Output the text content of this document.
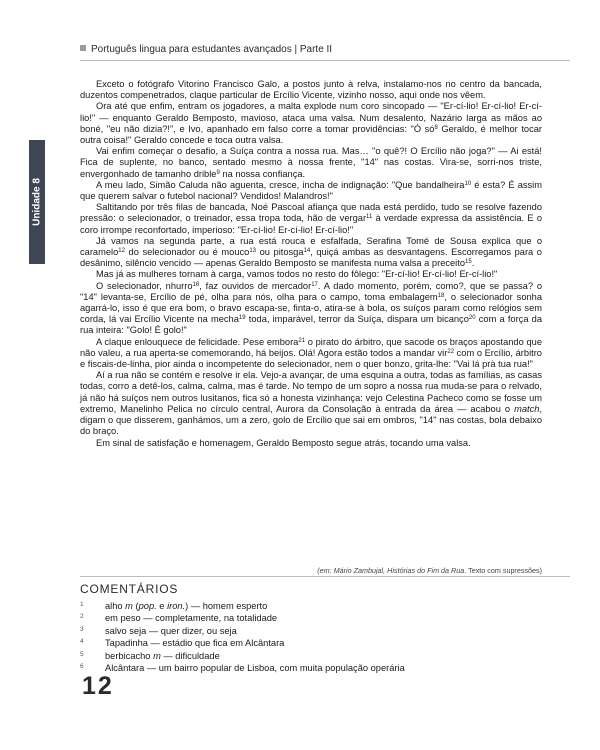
Português lingua para estudantes avançados | Parte II
Unidade 8

Exceto o fotógrafo Vitorino Francisco Galo, a postos junto à relva, instalamo-nos no centro da bancada, duzentos compenetrados, claque particular de Ercílio Vicente, vizinho nosso, aqui onde nos vêem.

Ora até que enfim, entram os jogadores, a malta explode num coro sincopado — "Er-cí-lio! Er-cí-lio! Er-cí-lio!" — enquanto Geraldo Bemposto, mavioso, ataca uma valsa. Num desalento, Nazário larga as mãos ao boné, "eu não dizia?!", e Ivo, apanhado em falso corre a tomar providências: "Ó $só^8$ Geraldo, é melhor tocar outra coisa!" Geraldo concede e toca outra valsa.

Vai enfim começar o desafio, a Suíça contra a nossa rua. Mas… "o quê?! O Ercílio não joga?" — Ai está! Fica de suplente, no banco, sentado mesmo à nossa frente, "14" nas costas. Vira-se, sorri-nos triste, envergonhado de tamanho drible$^9$ na nossa confiança.

A meu lado, Simão Caluda não aguenta, cresce, incha de indignação: "Que bandalheira$^{10}$ é esta? É assim que querem salvar o futebol nacional? Vendidos! Malandros!"

Saltitando por três filas de bancada, Noé Pascoal afiança que nada está perdido, tudo se resolve fazendo pressão: o selecionador, o treinador, essa tropa toda, hão de vergar$^{11}$ à verdade expressa da assistência. E o coro irrompe reconfortado, imperioso: "Er-cí-lio! Er-cí-lio! Er-cí-lio!"

Já vamos na segunda parte, a rua está rouca e esfalfada, Serafina Tomé de Sousa explica que o caramelo$^{12}$ do selecionador ou é mouco$^{13}$ ou pitosga$^{14}$, quiçá ambas as desvantagens. Escorregamos para o desânimo, silêncio vencido — apenas Geraldo Bemposto se manifesta numa valsa a preceito$^{15}$.

Mas já as mulheres tornam à carga, vamos todos no resto do fôlego: "Er-cí-lio! Er-cí-lio! Er-cí-lio!"

O selecionador, nhurro$^{16}$, faz ouvidos de mercador$^{17}$. A dado momento, porém, como?, que se passa? o "14" levanta-se, Ercílio de pé, olha para nós, olha para o campo, toma embalagem$^{18}$, o selecionador sonha agarrá-lo, isso é que era bom, o bravo escapa-se, finta-o, atira-se à bola, os suíços param como relógios sem corda, lá vai Ercílio Vicente na mecha$^{19}$ toda, imparável, terror da Suíça, dispara um bicanço$^{20}$ com a força da rua inteira: "Golo! É golo!"

A claque enlouquece de felicidade. Pese embora$^{21}$ o pirato do árbitro, que sacode os braços apostando que não valeu, a rua aperta-se comemorando, há beijos. Olá! Agora estão todos a mandar vir$^{22}$ com o Ercílio, árbitro e fiscais-de-linha, pior ainda o incompetente do selecionador, nem o quer bonzo, grita-lhe: "Vai lá prà tua rua!"

Aí a rua não se contém e resolve ir ela. Vejo-a avançar, de uma esquina a outra, todas as famílias, as casas todas, corro a detê-los, calma, calma, mas é tarde. No tempo de um sopro a nossa rua muda-se para o relvado, já não há suíços nem outros lusitanos, fica só a honesta vizinhança: vejo Celestina Pacheco como se fosse um extremo, Manelinho Pelica no círculo central, Aurora da Consolação à entrada da área — acabou o match, digam o que disserem, ganhámos, um a zero, golo de Ercílio que sai em ombros, "14" nas costas, bola debaixo do braço.

Em sinal de satisfação e homenagem, Geraldo Bemposto segue atrás, tocando uma valsa.

(em: Mário Zambujal, Histórias do Fim da Rua. Texto com supressões)
COMENTÁRIOS
1 alho m (pop. e iron.) — homem esperto
2 em peso — completamente, na totalidade
3 salvo seja — quer dizer, ou seja
4 Tapadinha — estádio que fica em Alcântara
5 berbicacho m — dificuldade
6 Alcântara — um bairro popular de Lisboa, com muita população operária
12
